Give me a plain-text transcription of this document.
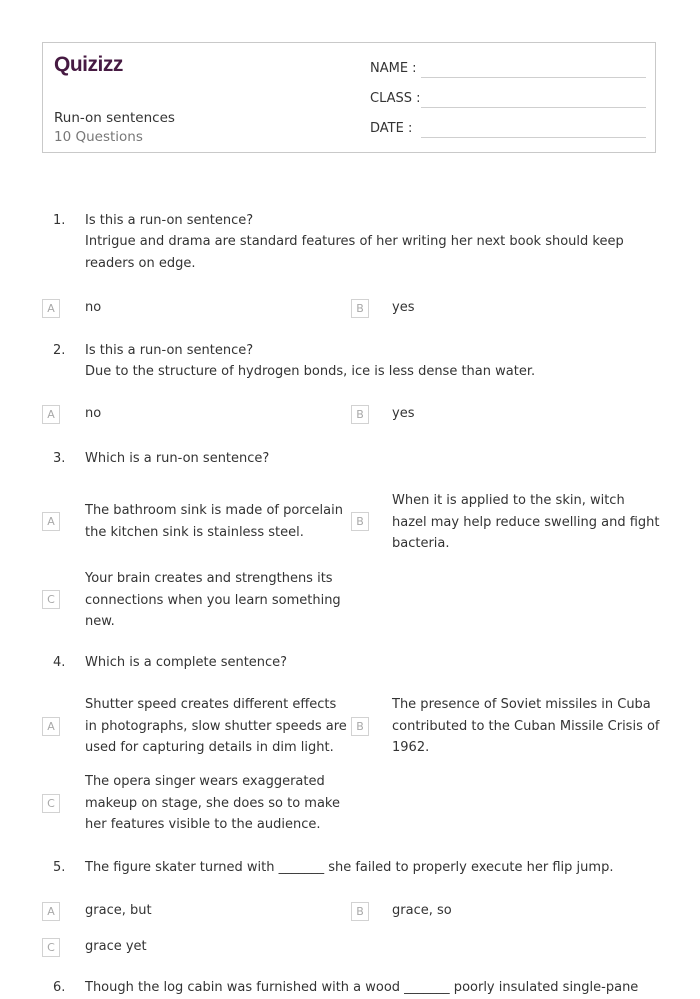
Quizizz
Run-on sentences
10 Questions
NAME :
CLASS :
DATE :
1. Is this a run-on sentence?
Intrigue and drama are standard features of her writing her next book should keep readers on edge.
A	no	B	yes
2. Is this a run-on sentence?
Due to the structure of hydrogen bonds, ice is less dense than water.
A	no	B	yes
3. Which is a run-on sentence?
A
The bathroom sink is made of porcelain the kitchen sink is stainless steel.
B
When it is applied to the skin, witch hazel may help reduce swelling and fight bacteria.
C
Your brain creates and strengthens its connections when you learn something new.
4. Which is a complete sentence?
A
Shutter speed creates different effects in photographs, slow shutter speeds are used for capturing details in dim light.
B
The presence of Soviet missiles in Cuba contributed to the Cuban Missile Crisis of 1962.
C
The opera singer wears exaggerated makeup on stage, she does so to make her features visible to the audience.
5. The figure skater turned with _______ she failed to properly execute her flip jump.
A	grace, but	B	grace, so
C	grace yet
6. Though the log cabin was furnished with a wood _______ poorly insulated single-pane
